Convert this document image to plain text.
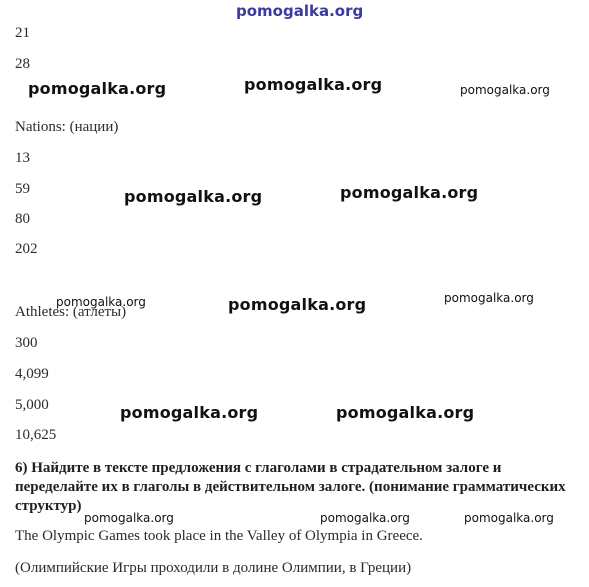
21
28
Nations: (нации)
13
59
80
202
Athletes: (атлеты)
300
4,099
5,000
10,625
6) Найдите в тексте предложения с глаголами в страдательном залоге и переделайте их в глаголы в действительном залоге. (понимание грамматических структур)
The Olympic Games took place in the Valley of Olympia in Greece.
(Олимпийские Игры проходили в долине Олимпии, в Греции)
pomogalka.org
pomogalka.org	pomogalka.org	pomogalka.org
pomogalka.org	pomogalka.org
pomogalka.org	pomogalka.org	pomogalka.org
pomogalka.org	pomogalka.org
pomogalka.org	pomogalka.org	pomogalka.org
